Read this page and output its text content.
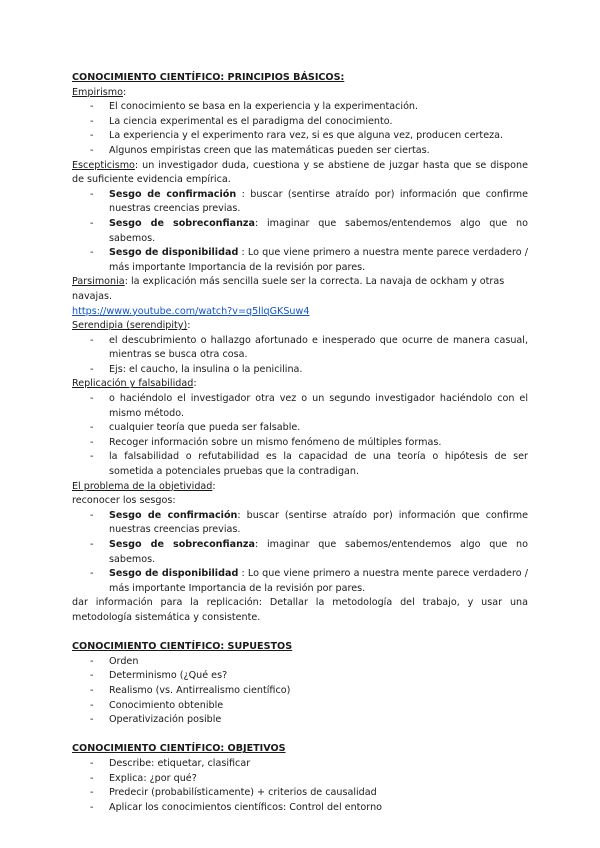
CONOCIMIENTO CIENTÍFICO: PRINCIPIOS BÁSICOS:

Empirismo:

- El conocimiento se basa en la experiencia y la experimentación.
- La ciencia experimental es el paradigma del conocimiento.
- La experiencia y el experimento rara vez, si es que alguna vez, producen certeza.
- Algunos empiristas creen que las matemáticas pueden ser ciertas.

Escepticismo: un investigador duda, cuestiona y se abstiene de juzgar hasta que se dispone de suficiente evidencia empírica.

- Sesgo de confirmación : buscar (sentirse atraído por) información que confirme nuestras creencias previas.
- Sesgo de sobreconfianza: imaginar que sabemos/entendemos algo que no sabemos.
- Sesgo de disponibilidad : Lo que viene primero a nuestra mente parece verdadero / más importante Importancia de la revisión por pares.

Parsimonia: la explicación más sencilla suele ser la correcta. La navaja de ockham y otras navajas.

https://www.youtube.com/watch?v=q5llqGKSuw4

Serendipia (serendipity):

- el descubrimiento o hallazgo afortunado e inesperado que ocurre de manera casual, mientras se busca otra cosa.
- Ejs: el caucho, la insulina o la penicilina.

Replicación y falsabilidad:

- o haciéndolo el investigador otra vez o un segundo investigador haciéndolo con el mismo método.
- cualquier teoría que pueda ser falsable.
- Recoger información sobre un mismo fenómeno de múltiples formas.
- la falsabilidad o refutabilidad es la capacidad de una teoría o hipótesis de ser sometida a potenciales pruebas que la contradigan.

El problema de la objetividad:

reconocer los sesgos:

- Sesgo de confirmación: buscar (sentirse atraído por) información que confirme nuestras creencias previas.
- Sesgo de sobreconfianza: imaginar que sabemos/entendemos algo que no sabemos.
- Sesgo de disponibilidad : Lo que viene primero a nuestra mente parece verdadero / más importante Importancia de la revisión por pares.

dar información para la replicación: Detallar la metodología del trabajo, y usar una metodología sistemática y consistente.

CONOCIMIENTO CIENTÍFICO: SUPUESTOS

- Orden
- Determinismo (¿Qué es?
- Realismo (vs. Antirrealismo científico)
- Conocimiento obtenible
- Operativización posible

CONOCIMIENTO CIENTÍFICO: OBJETIVOS

- Describe: etiquetar, clasificar
- Explica: ¿por qué?
- Predecir (probabilísticamente) + criterios de causalidad
- Aplicar los conocimientos científicos: Control del entorno
